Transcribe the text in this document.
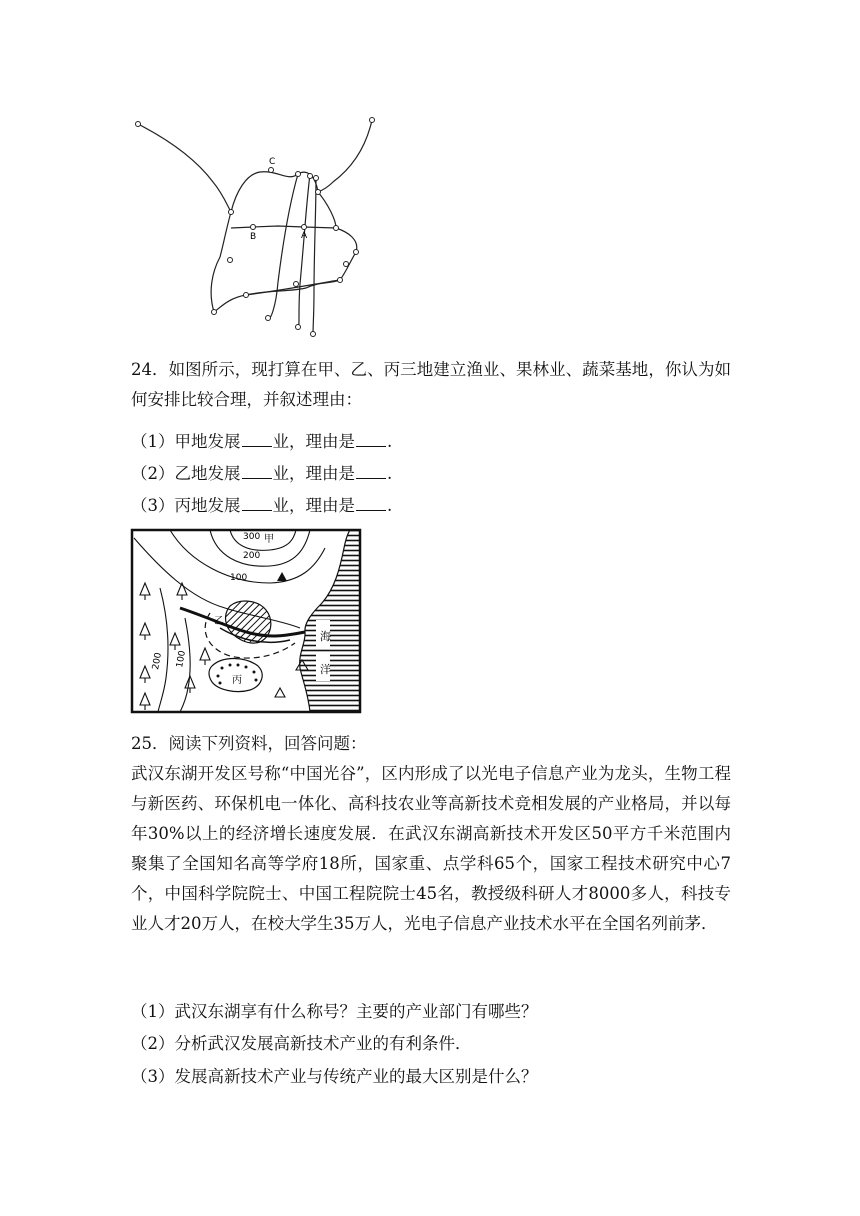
C
B	A
24．如图所示，现打算在甲、乙、丙三地建立渔业、果林业、蔬菜基地，你认为如何安排比较合理，并叙述理由：
（1）甲地发展 业，理由是 .
（2）乙地发展 业，理由是 .
（3）丙地发展 业，理由是 .
300 甲
200
100
乙
丙
海
洋
200 100
25．阅读下列资料，回答问题：
武汉东湖开发区号称“中国光谷”，区内形成了以光电子信息产业为龙头，生物工程与新医药、环保机电一体化、高科技农业等高新技术竞相发展的产业格局，并以每年30%以上的经济增长速度发展．在武汉东湖高新技术开发区50平方千米范围内聚集了全国知名高等学府18所，国家重、点学科65个，国家工程技术研究中心7个，中国科学院院士、中国工程院院士45名，教授级科研人才8000多人，科技专业人才20万人，在校大学生35万人，光电子信息产业技术水平在全国名列前茅．
（1）武汉东湖享有什么称号？主要的产业部门有哪些？
（2）分析武汉发展高新技术产业的有利条件．
（3）发展高新技术产业与传统产业的最大区别是什么？
